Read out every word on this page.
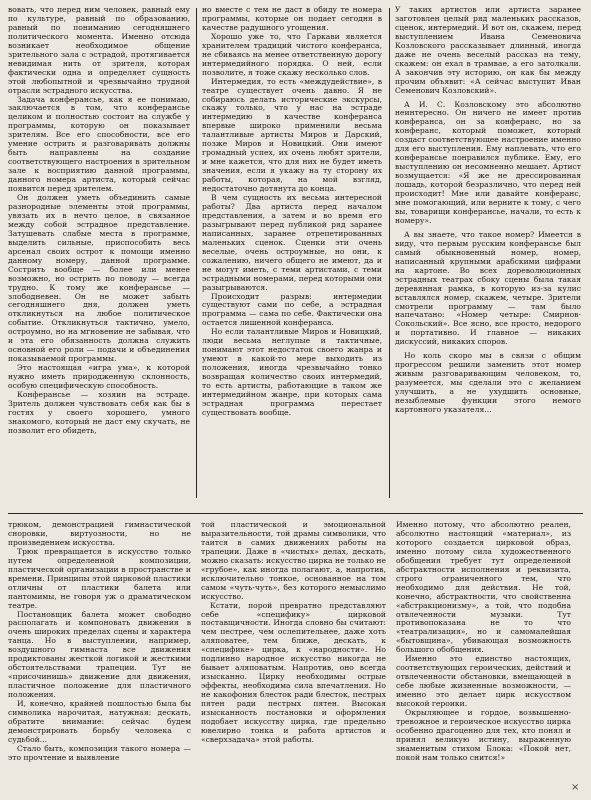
вовать, что перед ним человек, равный ему по культуре, равный по образованию, равный по пониманию сегодняшнего политического момента. Именно отсюда возникает необходимое общение зрительного зала с эстрадой, протягивается невидимая нить от зрителя, которая фактически одна и определяет сущность этой любопытной и чрезвычайно трудной отрасли эстрадного искусства.

Задача конферансье, как я ее понимаю, заключается в том, что конферансье целиком и полностью состоит на службе у программы, которую он показывает зрителям. Все его способности, все его умение острить и разговаривать должны быть направлены на создание соответствующего настроения в зрительном зале к восприятию данной программы, данного номера артиста, который сейчас появится перед зрителем.

Он должен уметь объединить самые разнородные элементы этой программы, увязать их в нечто целое, в связанное между собой эстрадное представление. Затушевать слабые места в программе, выделить сильные, приспособить весь арсенал своих острот к помощи именно данному номеру, данной программе. Сострить вообще — более или менее возможно, но острить по поводу — всегда трудно. К тому же конферансье — злободневен. Он не может забыть сегодняшнего дня, должен уметь откликнуться на любое политическое событие. Откликнуться тактично, умело, остроумно, но на мгновение не забывая, что и эта его обязанность должна служить основной его роли — подачи и объединения показываемой программы.

Это настоящая «игра ума», к которой нужно иметь природженную склонность, особую специфическую способность.

Конферансье — хозяин на эстраде. Зритель должен чувствовать себя как бы в гостях у своего хорошего, умного знакомого, который не даст ему скучать, не позволит его обидеть,

но вместе с тем не даст в обиду те номера программы, которые он подает сегодня в качестве радушного угощения.

Хорошо уже то, что Гаркави является хранителем традиций чистого конферанса, не сбиваясь на менее ответственную дорогу интермедийного порядка. О ней, если позволите, я тоже скажу несколько слов.

Интермедия, то есть «междудействие», в театре существует очень давно. Я не собираюсь делать исторические экскурсы, скажу только, что у нас на эстраде интермедию в качестве конферанса впервые широко применили весьма талантливые артисты Миров и Дарский, позже Миров и Новицкий. Они имеют громадный успех, их очень любят зрители, и мне кажется, что для них не будет иметь значения, если я укажу на ту сторону их работы, которая, на мой взгляд, недостаточно дотянута до конца.

В чем сущность их весьма интересной работы? Два артиста перед началом представления, а затем и во время его разыгрывают перед публикой ряд заранее написанных, заранее отрепетированных маленьких сценок. Сценки эти очень веселые, очень остроумные, но они, к сожалению, ничего общего не имеют, да и не могут иметь, с теми артистами, с теми эстрадными номерами, перед которыми они разыгрываются.

Происходит разрыв: интермедии существуют сами по себе, а эстрадная программа — сама по себе. Фактически она остается лишенной конферанса.

Но если талантливые Миров и Новицкий, люди весьма неглупые и тактичные, понимают этот недостаток своего жанра и умеют в какой-то мере выходить из положения, иногда чрезвычайно тонко возвращая количество своих интермедий, то есть артисты, работающие в таком же интермедийном жанре, при которых сама эстрадная программа перестает существовать вообще.

У таких артистов или артиста заранее заготовлен целый ряд маленьких рассказов, сценок, интермедий. И вот он, скажем, перед выступлением Ивана Семеновича Козловского рассказывает длинный, иногда даже не очень веселый рассказ на тему, скажем: он ехал в трамвае, а его затолкали. А закончив эту историю, он как бы между прочим объявит: «А сейчас выступит Иван Семенович Козловский».

А И. С. Козловскому это абсолютно неинтересно. Он ничего не имеет против конферанса, он за конферанс, но за конферанс, который поможет, который создаст соответствующее настроение именно для его выступления. Ему наплевать, что его конферансье понравился публике. Ему, его выступлению он несомненно мешает. Артист возмущается: «Я же не дрессированная лошадь, которой безразлично, что перед ней происходит! Мне или давайте конферанс, мне помогающий, или верните к тому, с чего вы, товарищи конферансье, начали, то есть к номеру».

А вы знаете, что такое номер? Имеется в виду, что первым русским конферансье был самый обыкновенный номер, номер, написанный крупными арабскими цифрами на картоне. Во всех дореволюционных эстрадных театрах сбоку сцены была такая деревянная рамка, в которую из-за кулис вставлялся номер, скажем, четыре. Зрители смотрели программу — там было напечатано: «Номер четыре: Смирнов-Сокольский». Все ясно, все просто, недорого и портативно. И главное — никаких дискуссий, никаких споров.

Но коль скоро мы в связи с общим прогрессом решили заменить этот номер живым разговаривающим человеком, то, разумеется, мы сделали это с желанием улучшить, а не ухудшить основные, незыблемые функции этого немого картонного указателя...

трюком, демонстрацией гимнастической сноровки, виртуозности, но не произведением искусства.

Трюк превращается в искусство только путем определенной композиции, пластической организации в пространстве и времени. Принципы этой цирковой пластики отличны от пластики балета или пантомимы, не говоря уж о драматическом театре.

Постановщик балета может свободно располагать и компоновать движения в очень широких пределах сцены и характера танца. Но в выступлении, например, воздушного гимнаста все движения продиктованы жесткой логикой и жесткими обстоятельствами трапеции. Тут не «присочинишь» движение для движения, пластичное положение для пластичного положения.

И, конечно, крайней пошлостью была бы символика нарочитая, натужная: дескать, обратите внимание: сейчас будем демонстрировать борьбу человека с судьбой...

Стало быть, композиция такого номера — это прочтение и выявление

той пластической и эмоциональной выразительности, той драмы символики, что таится в самих движениях работы на трапеции. Даже в «чистых» делах, дескать, можно сказать: искусство цирка не только не «грубое», как иногда полагают, а, напротив, исключительно тонкое, основанное на том самом «чуть-чуть», без которого немыслимо искусство.

Кстати, порой превратно представляют себе «специфику» цирковой поставщичности. Иногда словно бы считают: чем пестрее, чем ослепительнее, даже хоть аляповатее, тем ближе, дескать, к «специфике» цирка, к «народности». Но подлинно народное искусство никогда не бывает аляповатым. Напротив, оно всегда изысканно. Цирку необходимы острые эффекты, необходима сила впечатления. Но не какофония блесток ради блесток, пестрых пятен ради пестрых пятен. Высокая изысканность постановки и оформления подобает искусству цирка, где предельно ювелирно тонка и работа артистов и «сверхзадача» этой работы.

Именно потому, что абсолютно реален, абсолютно настоящий «материал», из которого создается цирковой образ, именно потому сила художественного обобщения требует тут определенной абстрактности исполнения и реквизита, строго ограниченного тем, что необходимо для действия. Не той, конечно, абстрактности, что свойственна «абстракционизму», а той, что подобна отвлеченности музыки. Тут противопоказана не то что «театрализация», но и самомалейшая «бытовщина», убивающая возможность большого обобщения.

Именно это единство настоящих, соответствующих героических, действий и отвлеченности обстановки, вмещающей в себе любые жизненные возможности, — именно это делает цирк искусством высокой героики.

Окрыляющее и гордое, возвышенно-тревожное и героическое искусство цирка особенно драгоценно для тех, кто понял и принял великую истину, выраженную знаменитым стихом Блока: «Покой нет, покой нам только снится!»

×
